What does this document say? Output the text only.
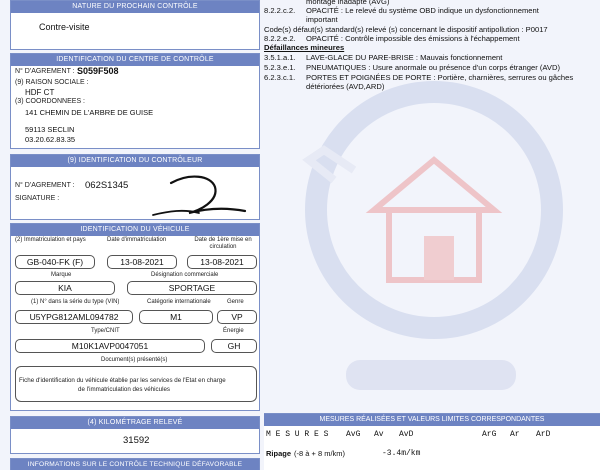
NATURE DU PROCHAIN CONTRÔLE
Contre-visite
IDENTIFICATION DU CENTRE DE CONTRÔLE
N° D'AGREMENT : S059F508
(9) RAISON SOCIALE :
HDF CT
(3) COORDONNEES :
141 CHEMIN DE L'ARBRE DE GUISE
59113 SECLIN
03.20.62.83.35
(9) IDENTIFICATION DU CONTRÔLEUR
N° D'AGREMENT : 062S1345
SIGNATURE :
IDENTIFICATION DU VÉHICULE
(2) Immatriculation et pays	Date d'immatriculation	Date de 1ère mise en circulation
GB-040-FK (F)	13-08-2021	13-08-2021
Marque	Désignation commerciale
KIA	SPORTAGE
(1) N° dans la série du type (VIN)	Catégorie internationale	Genre
U5YPG812AML094782	M1	VP
Type/CNIT	Énergie
M10K1AVP0047051	GH
Document(s) présenté(s)
Fiche d'identification du véhicule établie par les services de l'Etat en charge
de l'immatriculation des véhicules
(4) KILOMÉTRAGE RELEVÉ
31592
INFORMATIONS SUR LE CONTRÔLE TECHNIQUE DÉFAVORABLE
montage inadapté (AVG)
8.2.2.c.2. OPACITÉ : Le relevé du système OBD indique un dysfonctionnement
important
Code(s) défaut(s) standard(s) relevé (s) concernant le dispositif antipollution : P0017
8.2.2.e.2. OPACITÉ : Contrôle impossible des émissions à l'échappement
Défaillances mineures
3.5.1.a.1. LAVE-GLACE DU PARE-BRISE : Mauvais fonctionnement
5.2.3.e.1. PNEUMATIQUES : Usure anormale ou présence d'un corps étranger (AVD)
6.2.3.c.1. PORTES ET POIGNÉES DE PORTE : Portière, charnières, serrures ou gâches
détériorées (AVD,ARD)
MESURES RÉALISÉES ET VALEURS LIMITES CORRESPONDANTES
M E S U R E S AvG Av AvD	ArG Ar ArD
Ripage (-8 à + 8 m/km)	-3.4m/km
